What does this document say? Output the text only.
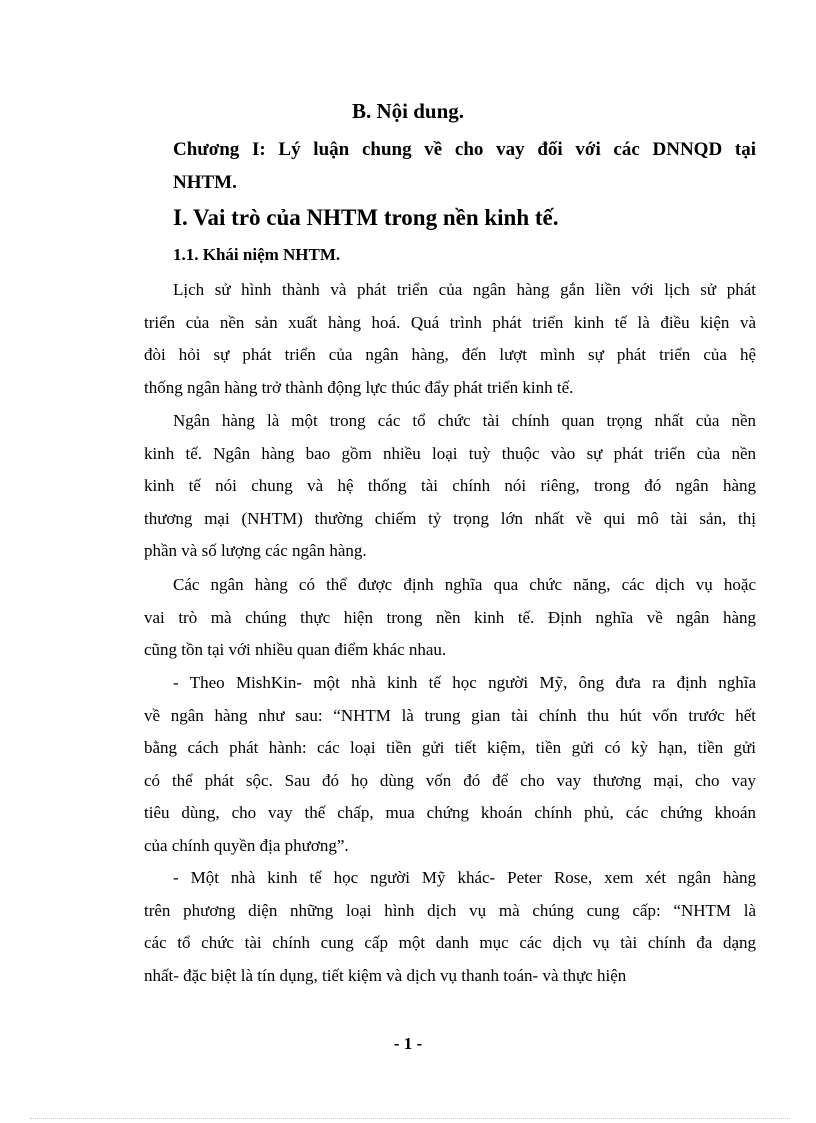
B. Nội dung.
Chương I: Lý luận chung về cho vay đối với các DNNQD tại
NHTM.
I. Vai trò của NHTM trong nền kinh tế.
1.1. Khái niệm NHTM.
Lịch sử hình thành và phát triển của ngân hàng gắn liền với lịch sử phát
triển của nền sản xuất hàng hoá. Quá trình phát triển kinh tế là điều kiện và
đòi hỏi sự phát triển của ngân hàng, đến lượt mình sự phát triển của hệ
thống ngân hàng trở thành động lực thúc đẩy phát triển kinh tế.
Ngân hàng là một trong các tổ chức tài chính quan trọng nhất của nền
kinh tế. Ngân hàng bao gồm nhiều loại tuỳ thuộc vào sự phát triển của nền
kinh tế nói chung và hệ thống tài chính nói riêng, trong đó ngân hàng
thương mại (NHTM) thường chiếm tỷ trọng lớn nhất về qui mô tài sản, thị
phần và số lượng các ngân hàng.
Các ngân hàng có thể được định nghĩa qua chức năng, các dịch vụ hoặc
vai trò mà chúng thực hiện trong nền kinh tế. Định nghĩa về ngân hàng
cũng tồn tại với nhiều quan điểm khác nhau.
- Theo MishKin- một nhà kinh tế học người Mỹ, ông đưa ra định nghĩa
về ngân hàng như sau: “NHTM là trung gian tài chính thu hút vốn trước hết
bằng cách phát hành: các loại tiền gửi tiết kiệm, tiền gửi có kỳ hạn, tiền gửi
có thể phát sộc. Sau đó họ dùng vốn đó để cho vay thương mại, cho vay
tiêu dùng, cho vay thế chấp, mua chứng khoán chính phủ, các chứng khoán
của chính quyền địa phương”.
- Một nhà kinh tế học người Mỹ khác- Peter Rose, xem xét ngân hàng
trên phương diện những loại hình dịch vụ mà chúng cung cấp: “NHTM là
các tổ chức tài chính cung cấp một danh mục các dịch vụ tài chính đa dạng
nhất- đặc biệt là tín dụng, tiết kiệm và dịch vụ thanh toán- và thực hiện
- 1 -
